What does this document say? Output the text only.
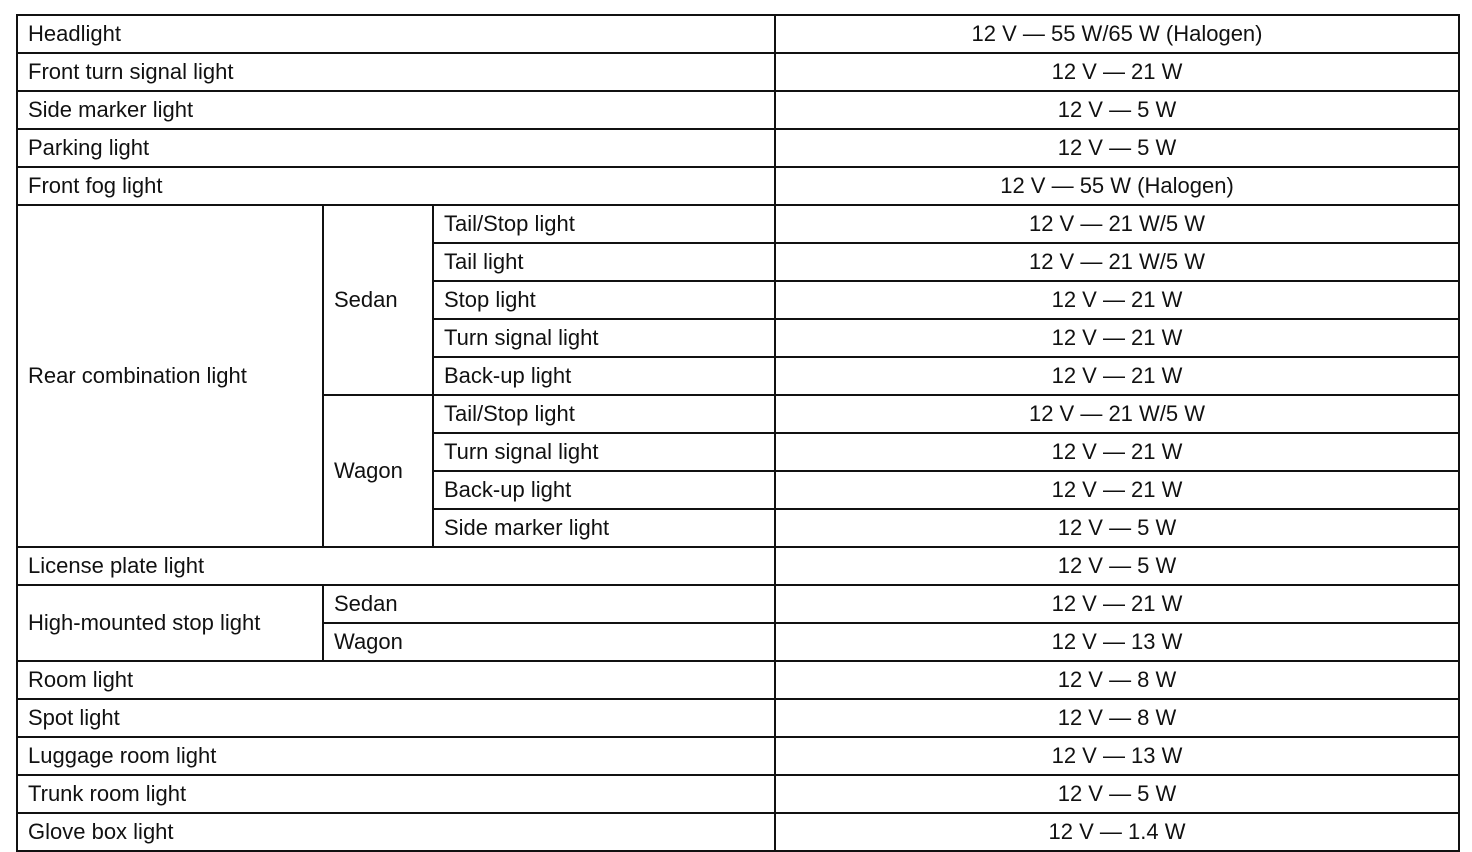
Headlight			12 V — 55 W/65 W (Halogen)
Front turn signal light			12 V — 21 W
Side marker light			12 V — 5 W
Parking light			12 V — 5 W
Front fog light			12 V — 55 W (Halogen)
Rear combination light	Sedan	Tail/Stop light	12 V — 21 W/5 W
		Tail light	12 V — 21 W/5 W
		Stop light	12 V — 21 W
		Turn signal light	12 V — 21 W
		Back-up light	12 V — 21 W
	Wagon	Tail/Stop light	12 V — 21 W/5 W
		Turn signal light	12 V — 21 W
		Back-up light	12 V — 21 W
		Side marker light	12 V — 5 W
License plate light			12 V — 5 W
High-mounted stop light	Sedan		12 V — 21 W
	Wagon		12 V — 13 W
Room light			12 V — 8 W
Spot light			12 V — 8 W
Luggage room light			12 V — 13 W
Trunk room light			12 V — 5 W
Glove box light			12 V — 1.4 W
